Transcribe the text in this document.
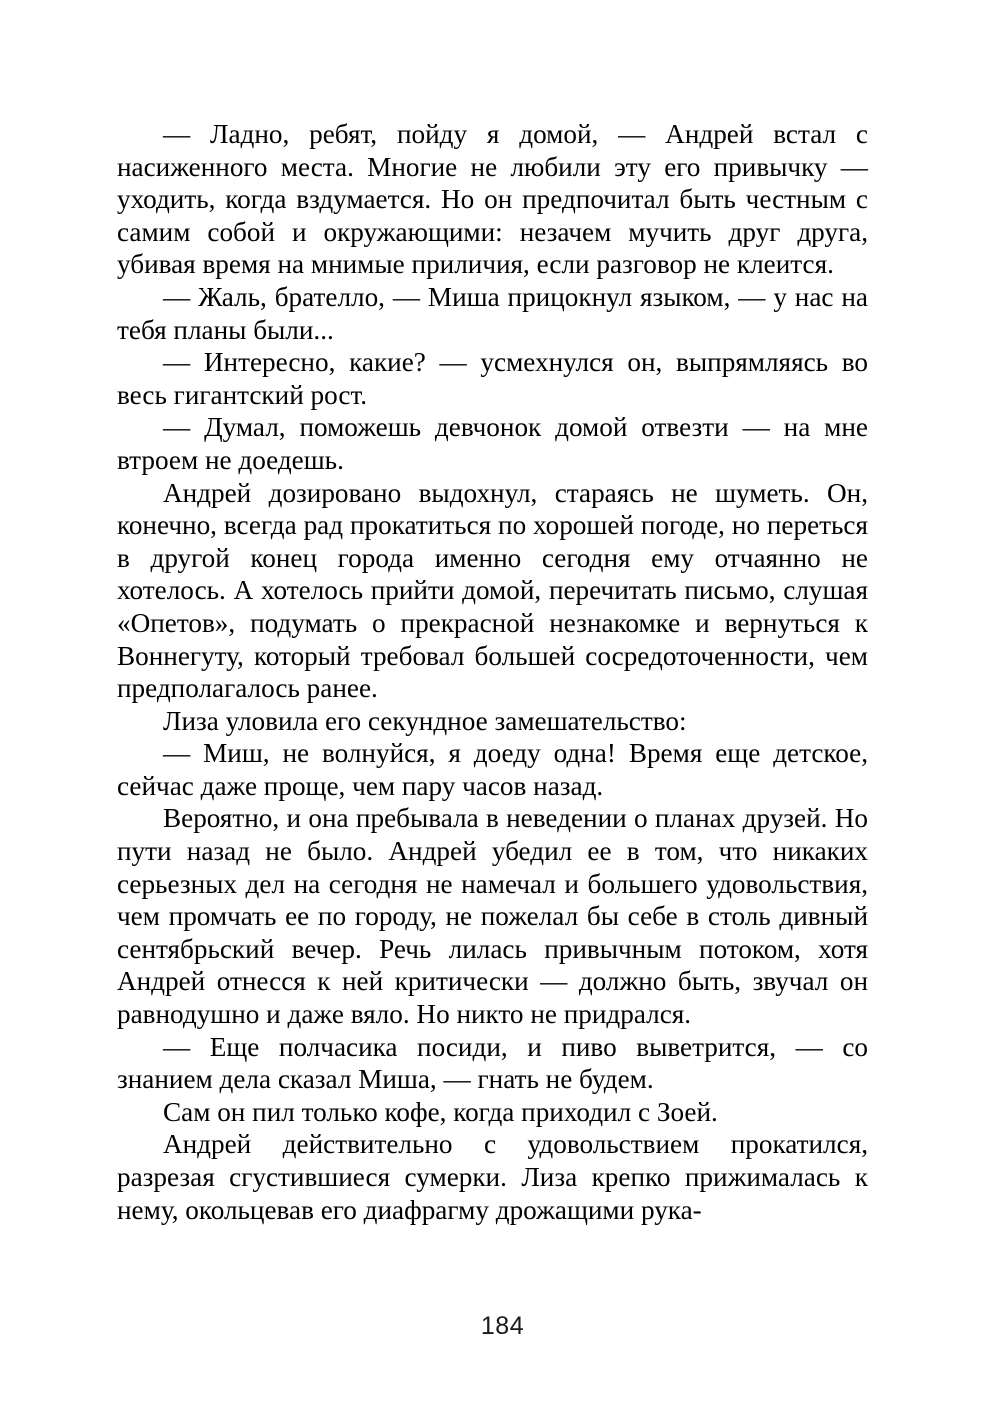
— Ладно, ребят, пойду я домой, — Андрей встал с насиженного места. Многие не любили эту его привычку — уходить, когда вздумается. Но он предпочитал быть честным с самим собой и окружающими: незачем мучить друг друга, убивая время на мнимые приличия, если разговор не клеится.

— Жаль, брателло, — Миша прицокнул языком, — у нас на тебя планы были...

— Интересно, какие? — усмехнулся он, выпрямляясь во весь гигантский рост.

— Думал, поможешь девчонок домой отвезти — на мне втроем не доедешь.

Андрей дозировано выдохнул, стараясь не шуметь. Он, конечно, всегда рад прокатиться по хорошей погоде, но переться в другой конец города именно сегодня ему отчаянно не хотелось. А хотелось прийти домой, перечитать письмо, слушая «Опетов», подумать о прекрасной незнакомке и вернуться к Воннегуту, который требовал большей сосредоточенности, чем предполагалось ранее.

Лиза уловила его секундное замешательство:

— Миш, не волнуйся, я доеду одна! Время еще детское, сейчас даже проще, чем пару часов назад.

Вероятно, и она пребывала в неведении о планах друзей. Но пути назад не было. Андрей убедил ее в том, что никаких серьезных дел на сегодня не намечал и большего удовольствия, чем промчать ее по городу, не пожелал бы себе в столь дивный сентябрьский вечер. Речь лилась привычным потоком, хотя Андрей отнесся к ней критически — должно быть, звучал он равнодушно и даже вяло. Но никто не придрался.

— Еще полчасика посиди, и пиво выветрится, — со знанием дела сказал Миша, — гнать не будем.

Сам он пил только кофе, когда приходил с Зоей.

Андрей действительно с удовольствием прокатился, разрезая сгустившиеся сумерки. Лиза крепко прижималась к нему, окольцевав его диафрагму дрожащими рука-

184
